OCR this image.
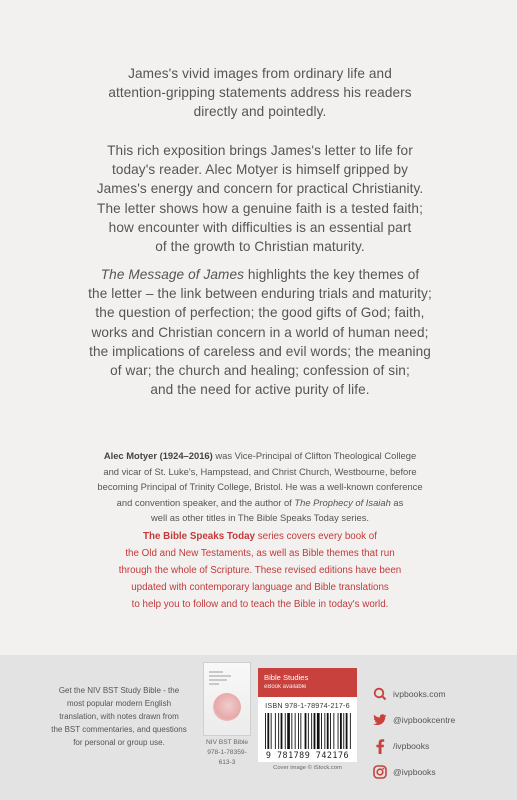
James's vivid images from ordinary life and
attention-gripping statements address his readers
directly and pointedly.
This rich exposition brings James's letter to life for
today's reader. Alec Motyer is himself gripped by
James's energy and concern for practical Christianity.
The letter shows how a genuine faith is a tested faith;
how encounter with difficulties is an essential part
of the growth to Christian maturity.
The Message of James highlights the key themes of
the letter – the link between enduring trials and maturity;
the question of perfection; the good gifts of God; faith,
works and Christian concern in a world of human need;
the implications of careless and evil words; the meaning
of war; the church and healing; confession of sin;
and the need for active purity of life.
Alec Motyer (1924–2016) was Vice-Principal of Clifton Theological College
and vicar of St. Luke's, Hampstead, and Christ Church, Westbourne, before
becoming Principal of Trinity College, Bristol. He was a well-known conference
and convention speaker, and the author of The Prophecy of Isaiah as
well as other titles in The Bible Speaks Today series.
The Bible Speaks Today series covers every book of
the Old and New Testaments, as well as Bible themes that run
through the whole of Scripture. These revised editions have been
updated with contemporary language and Bible translations
to help you to follow and to teach the Bible in today's world.
Get the NIV BST Study Bible - the
most popular modern English
translation, with notes drawn from
the BST commentaries, and questions
for personal or group use.	NIV BST Bible
978-1-78359-613-3
Bible Studies
eBook available
ISBN 978-1-78974-217-6
9 781789 742176
Cover image © iStock.com
ivpbooks.com
@ivpbookcentre
/ivpbooks
@ivpbooks
